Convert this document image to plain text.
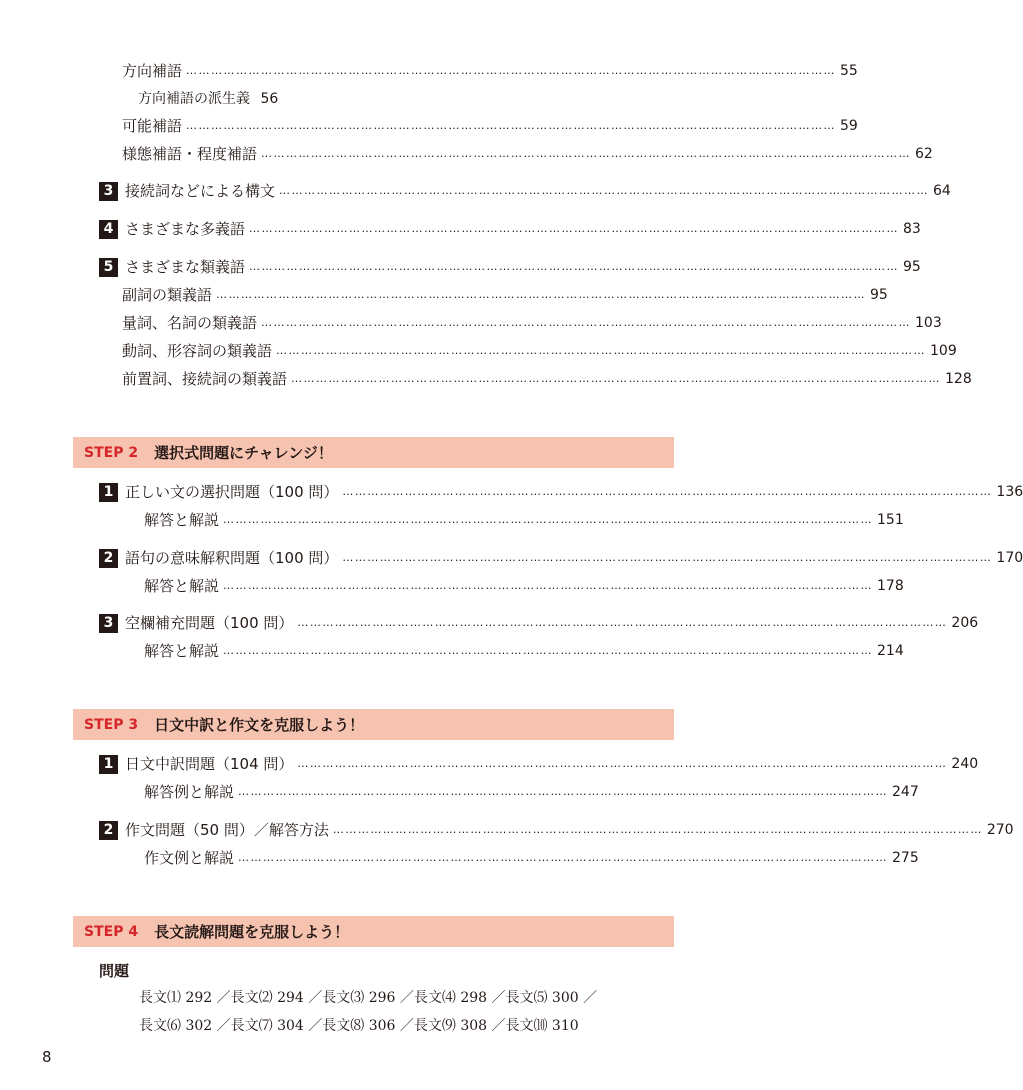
方向補語 ………………………………………………………………………………………………………………………………………… 55
方向補語の派生義 56
可能補語 ………………………………………………………………………………………………………………………………………… 59
様態補語・程度補語 ………………………………………………………………………………………………………………………………………… 62
3 接続詞などによる構文 ………………………………………………………………………………………………………………………………………… 64
4 さまざまな多義語 ………………………………………………………………………………………………………………………………………… 83
5 さまざまな類義語 ………………………………………………………………………………………………………………………………………… 95
副詞の類義語 ………………………………………………………………………………………………………………………………………… 95
量詞、名詞の類義語 ………………………………………………………………………………………………………………………………………… 103
動詞、形容詞の類義語 ………………………………………………………………………………………………………………………………………… 109
前置詞、接続詞の類義語 ………………………………………………………………………………………………………………………………………… 128
STEP 2 選択式問題にチャレンジ！
1 正しい文の選択問題（100 問） ………………………………………………………………………………………………………………………………………… 136
解答と解説 ………………………………………………………………………………………………………………………………………… 151
2 語句の意味解釈問題（100 問） ………………………………………………………………………………………………………………………………………… 170
解答と解説 ………………………………………………………………………………………………………………………………………… 178
3 空欄補充問題（100 問） ………………………………………………………………………………………………………………………………………… 206
解答と解説 ………………………………………………………………………………………………………………………………………… 214
STEP 3 日文中訳と作文を克服しよう！
1 日文中訳問題（104 問） ………………………………………………………………………………………………………………………………………… 240
解答例と解説 ………………………………………………………………………………………………………………………………………… 247
2 作文問題（50 問）／解答方法 ………………………………………………………………………………………………………………………………………… 270
作文例と解説 ………………………………………………………………………………………………………………………………………… 275
STEP 4 長文読解問題を克服しよう！
問題
長文⑴ 292 ／長文⑵ 294 ／長文⑶ 296 ／長文⑷ 298 ／長文⑸ 300 ／
長文⑹ 302 ／長文⑺ 304 ／長文⑻ 306 ／長文⑼ 308 ／長文⑽ 310
8
